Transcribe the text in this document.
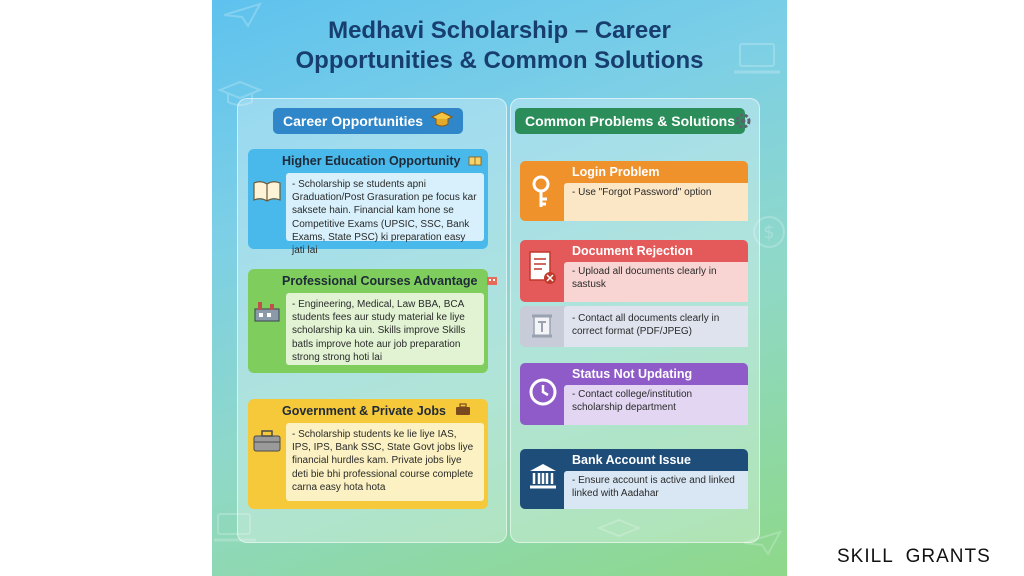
$
Medhavi Scholarship – Career
Opportunities & Common Solutions
Career Opportunities
Higher Education Opportunity
- Scholarship se students apni Graduation/Post Grasuration pe focus kar saksete hain. Financial kam hone se Competitive Exams (UPSIC, SSC, Bank Exams, State PSC) ki preparation easy jati lai
Professional Courses Advantage
- Engineering, Medical, Law BBA, BCA students fees aur study material ke liye scholarship ka uin. Skills improve Skills batls improve hote aur job preparation strong strong hoti lai
Government & Private Jobs
- Scholarship students ke lie liye IAS, IPS, IPS, Bank SSC, State Govt jobs liye financial hurdles kam. Private jobs liye deti bie bhi professional course complete carna easy hota hota
Common Problems & Solutions
Login Problem
- Use "Forgot Password" option
Document Rejection
- Upload all documents clearly in sastusk
- Contact all documents clearly in correct format (PDF/JPEG)
Status Not Updating
- Contact college/institution scholarship department
Bank Account Issue
- Ensure account is active and linked linked with Aadahar
SKILL  GRANTS
